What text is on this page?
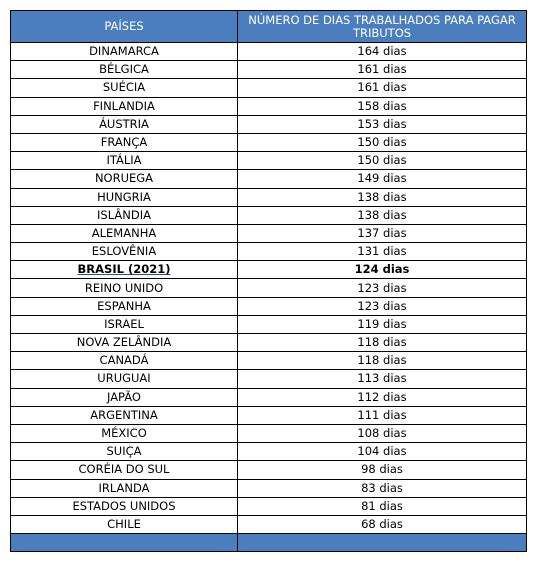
PAÍSES	NÚMERO DE DIAS TRABALHADOS PARA PAGAR TRIBUTOS
DINAMARCA	164 dias
BÉLGICA	161 dias
SUÉCIA	161 dias
FINLANDIA	158 dias
ÁUSTRIA	153 dias
FRANÇA	150 dias
ITÁLIA	150 dias
NORUEGA	149 dias
HUNGRIA	138 dias
ISLÂNDIA	138 dias
ALEMANHA	137 dias
ESLOVÊNIA	131 dias
BRASIL (2021)	124 dias
REINO UNIDO	123 dias
ESPANHA	123 dias
ISRAEL	119 dias
NOVA ZELÂNDIA	118 dias
CANADÁ	118 dias
URUGUAI	113 dias
JAPÃO	112 dias
ARGENTINA	111 dias
MÉXICO	108 dias
SUIÇA	104 dias
CORÉIA DO SUL	98 dias
IRLANDA	83 dias
ESTADOS UNIDOS	81 dias
CHILE	68 dias
